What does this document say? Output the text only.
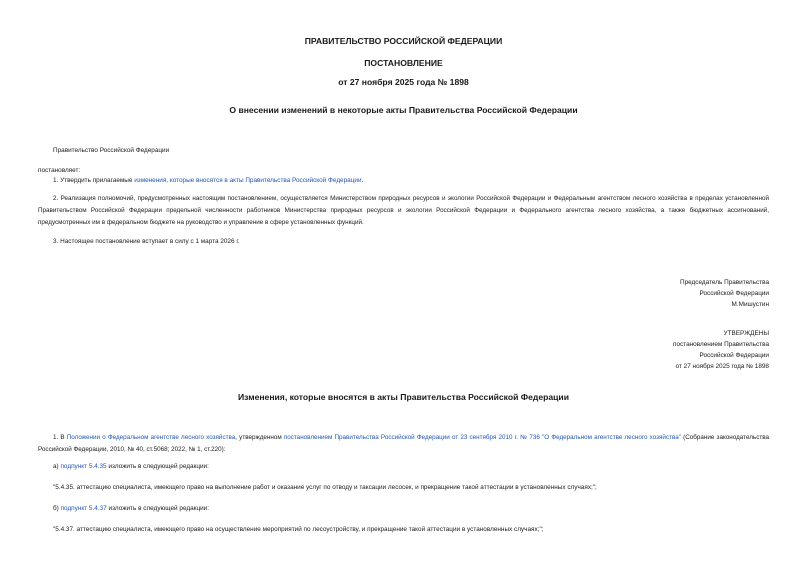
ПРАВИТЕЛЬСТВО РОССИЙСКОЙ ФЕДЕРАЦИИ
ПОСТАНОВЛЕНИЕ
от 27 ноября 2025 года № 1898
О внесении изменений в некоторые акты Правительства Российской Федерации
Правительство Российской Федерации
постановляет:
1. Утвердить прилагаемые изменения, которые вносятся в акты Правительства Российской Федерации.
2. Реализация полномочий, предусмотренных настоящим постановлением, осуществляется Министерством природных ресурсов и экологии Российской Федерации и Федеральным агентством лесного хозяйства в пределах установленной Правительством Российской Федерации предельной численности работников Министерства природных ресурсов и экологии Российской Федерации и Федерального агентства лесного хозяйства, а также бюджетных ассигнований, предусмотренных им в федеральном бюджете на руководство и управление в сфере установленных функций.
3. Настоящее постановление вступает в силу с 1 марта 2026 г.
Председатель Правительства
Российской Федерации
М.Мишустин
УТВЕРЖДЕНЫ
постановлением Правительства
Российской Федерации
от 27 ноября 2025 года № 1898
Изменения, которые вносятся в акты Правительства Российской Федерации
1. В Положении о Федеральном агентстве лесного хозяйства, утвержденном постановлением Правительства Российской Федерации от 23 сентября 2010 г. № 736 "О Федеральном агентстве лесного хозяйства" (Собрание законодательства Российской Федерации, 2010, № 40, ст.5068; 2022, № 1, ст.220):
а) подпункт 5.4.35 изложить в следующей редакции:
"5.4.35. аттестацию специалиста, имеющего право на выполнение работ и оказание услуг по отводу и таксации лесосек, и прекращение такой аттестации в установленных случаях;";
б) подпункт 5.4.37 изложить в следующей редакции:
"5.4.37. аттестацию специалиста, имеющего право на осуществление мероприятий по лесоустройству, и прекращение такой аттестации в установленных случаях;";
